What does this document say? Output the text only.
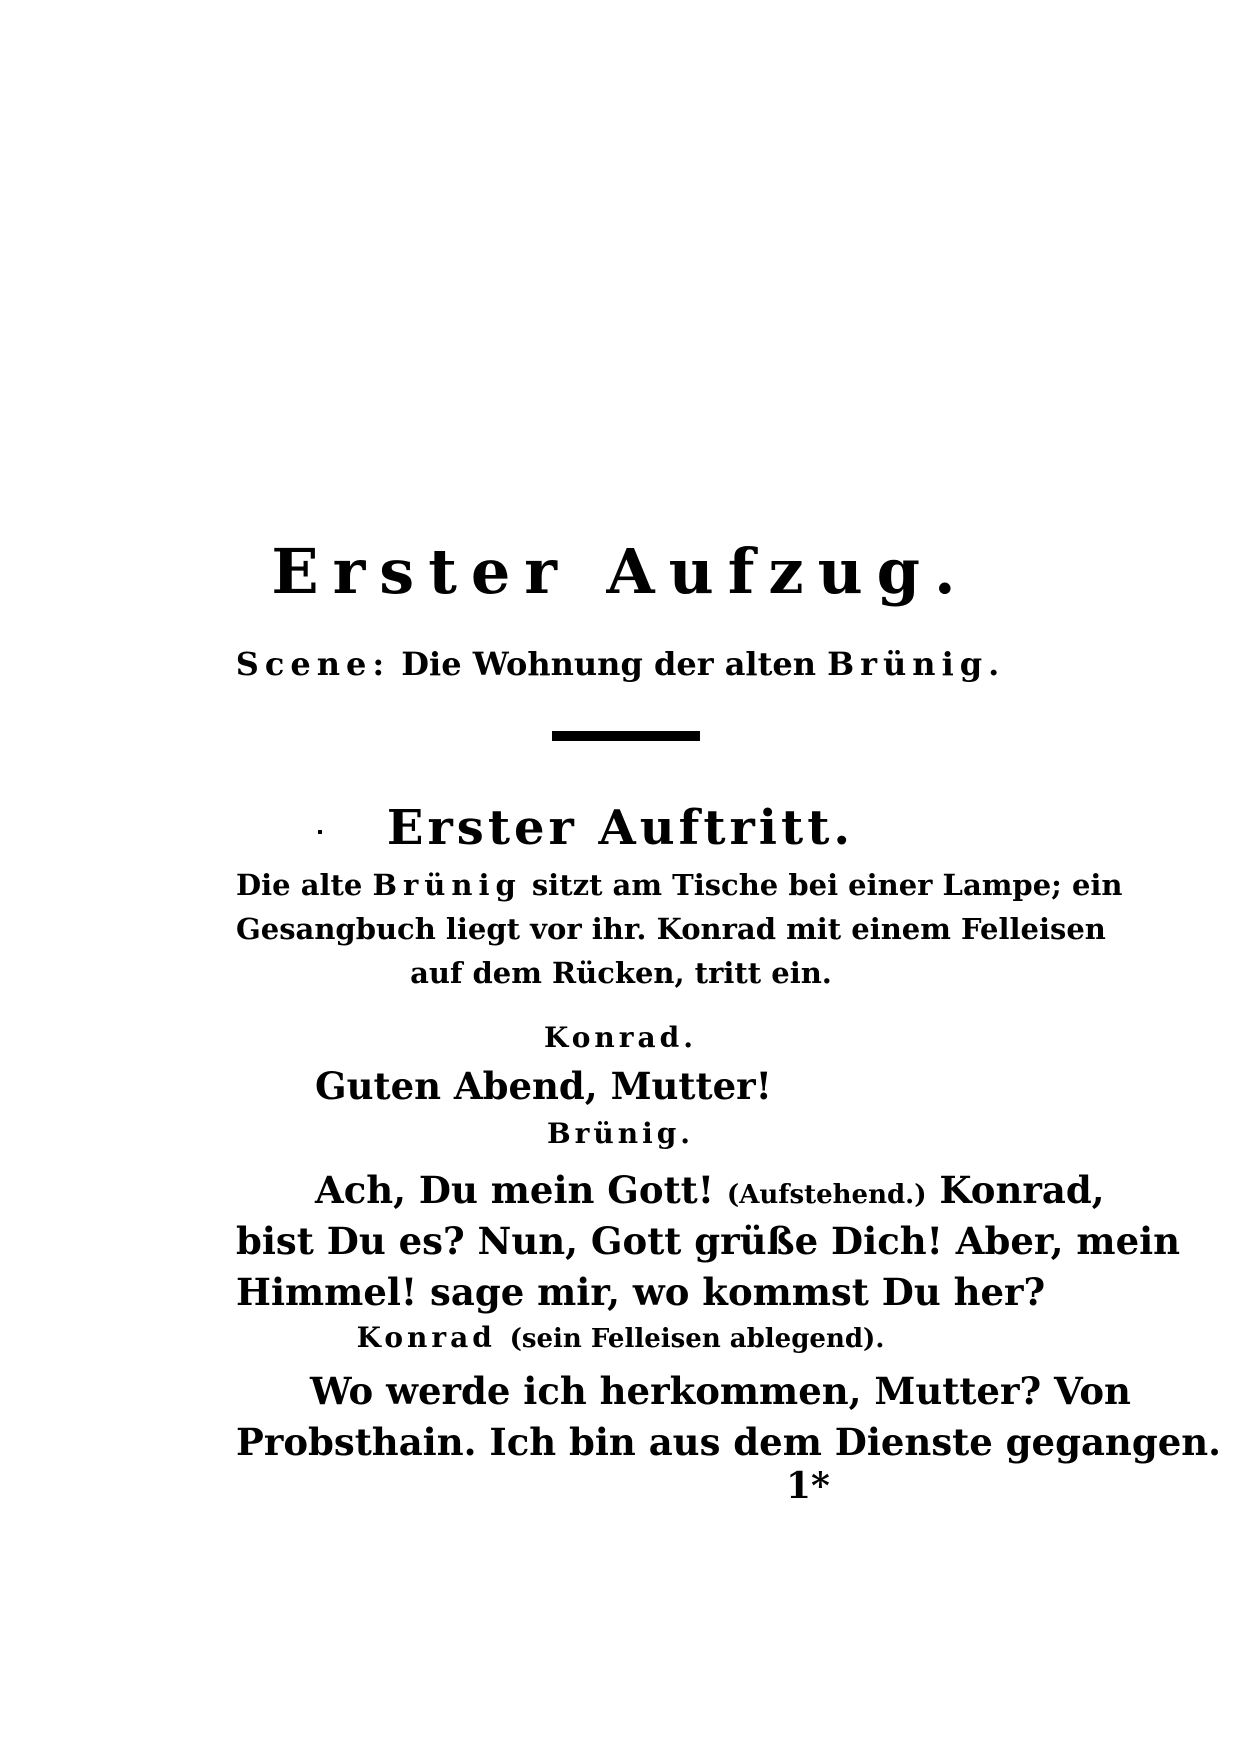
Erster Aufzug.
Scene: Die Wohnung der alten Brünig.
Erster Auftritt.
Die alte Brünig sitzt am Tische bei einer Lampe; ein
Gesangbuch liegt vor ihr. Konrad mit einem Felleisen
auf dem Rücken, tritt ein.
Konrad.
Guten Abend, Mutter!
Brünig.
Ach, Du mein Gott! (Aufstehend.) Konrad,
bist Du es? Nun, Gott grüße Dich! Aber, mein
Himmel! sage mir, wo kommst Du her?
Konrad (sein Felleisen ablegend).
Wo werde ich herkommen, Mutter? Von
Probsthain. Ich bin aus dem Dienste gegangen.
1*
